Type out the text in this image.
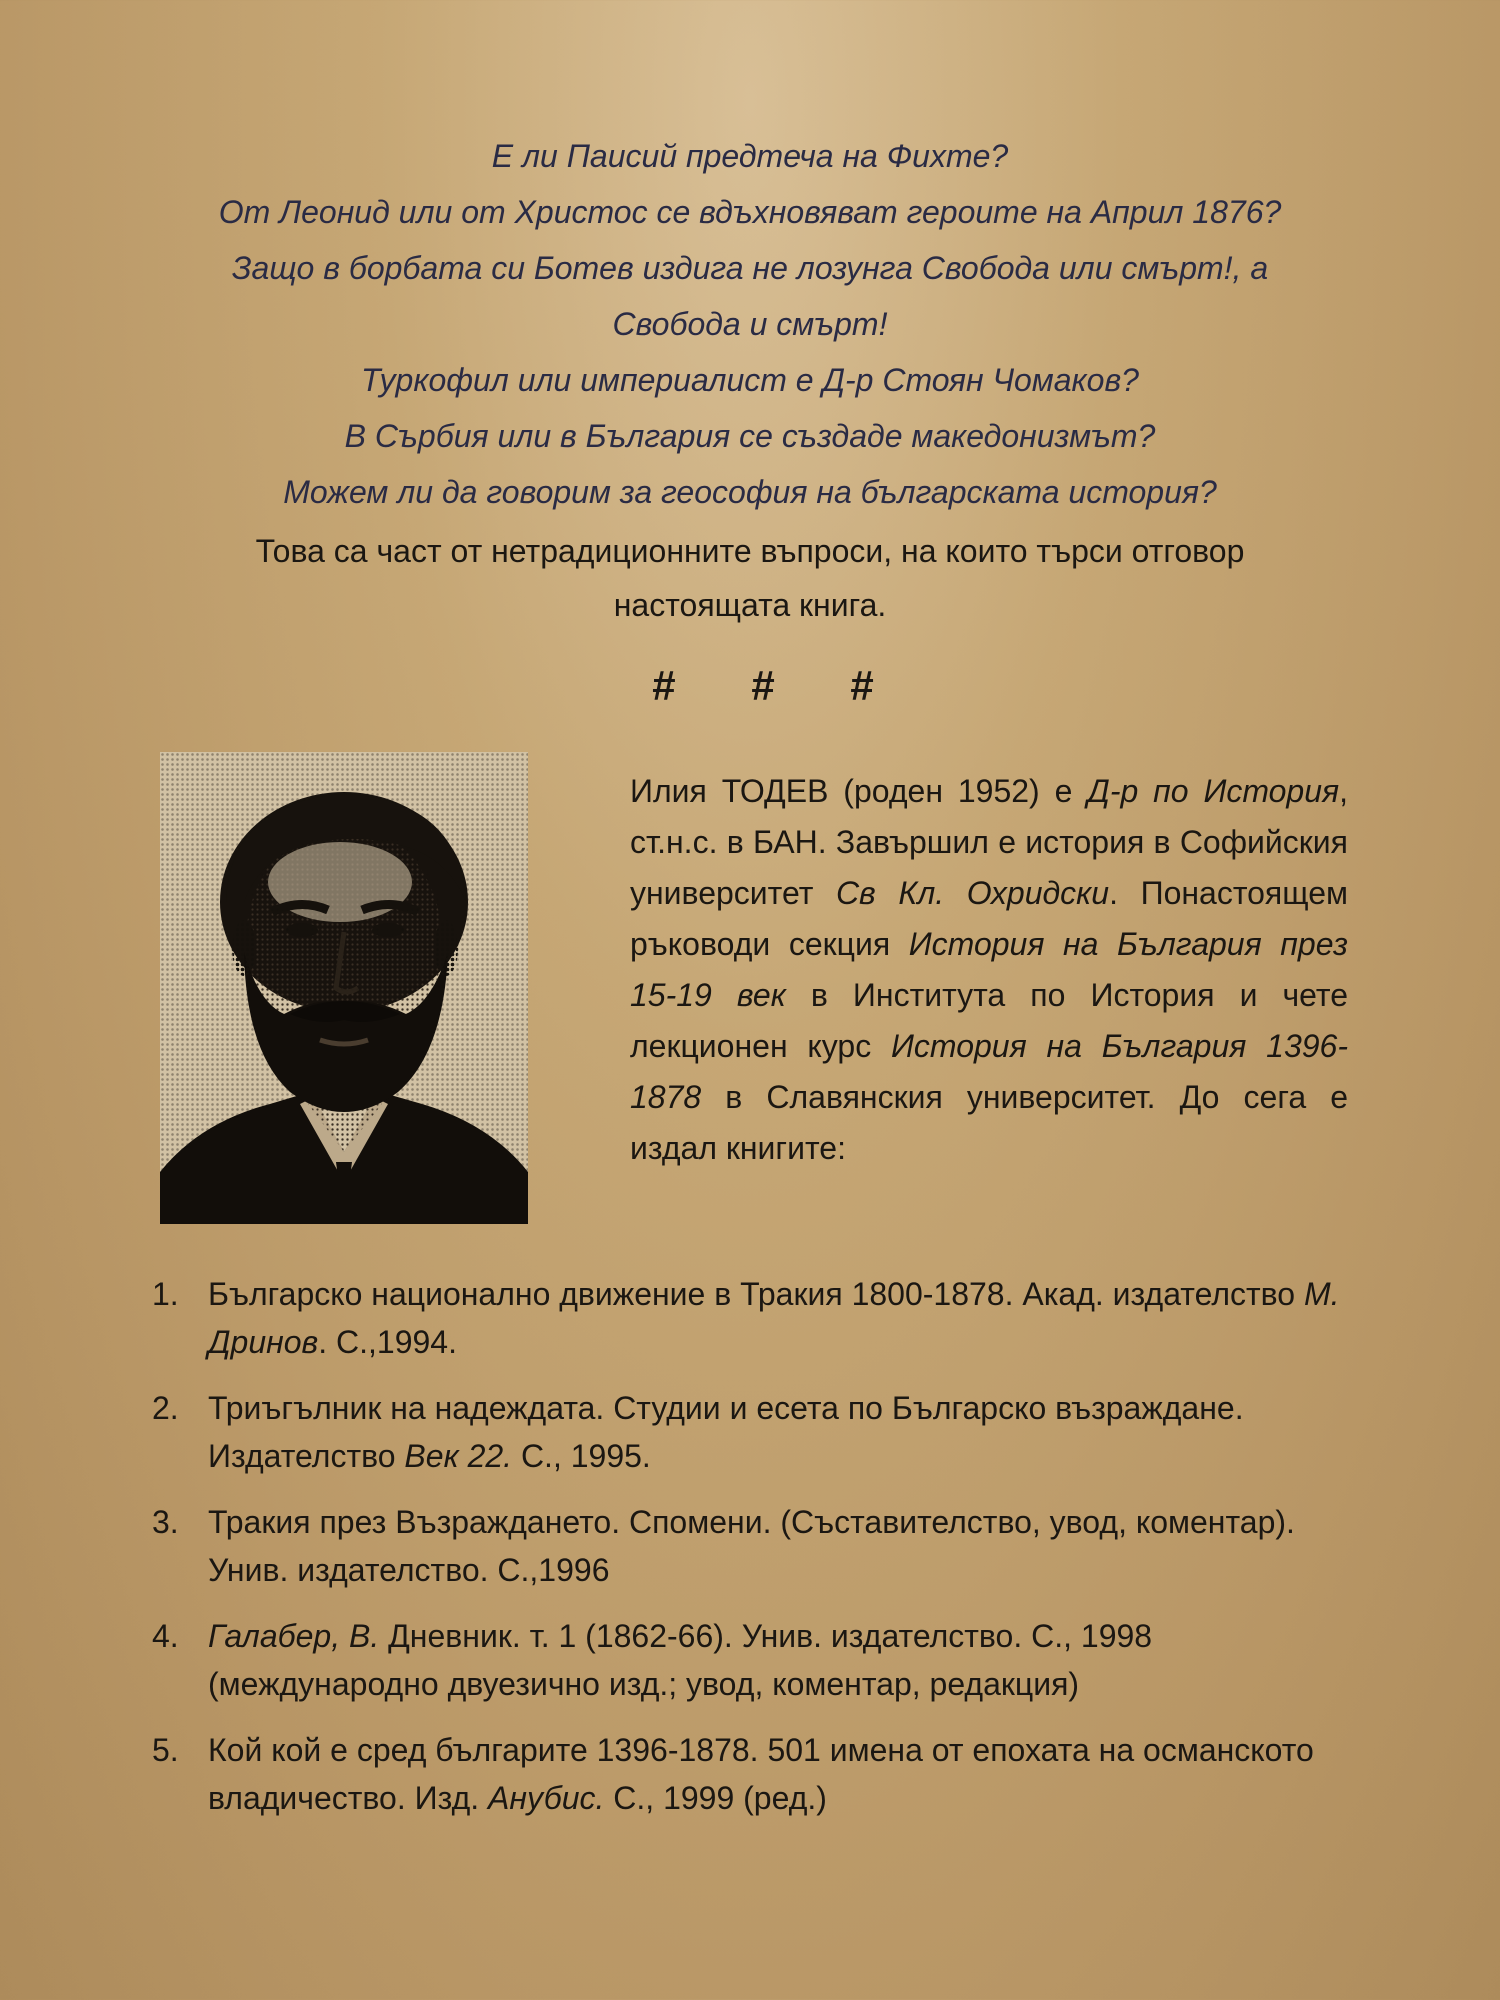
Е ли Паисий предтеча на Фихте?

От Леонид или от Христос се вдъхновяват героите на Април 1876?

Защо в борбата си Ботев издига не лозунга Свобода или смърт!, а

Свобода и смърт!

Туркофил или империалист е Д-р Стоян Чомаков?

В Сърбия или в България се създаде македонизмът?

Можем ли да говорим за геософия на българската история?

Това са част от нетрадиционните въпроси, на които търси отговор
настоящата книга.
# # #
Илия ТОДЕВ (роден 1952) е Д-р по История, ст.н.с. в БАН. Завършил е история в Софийския университет Св Кл. Охридски. Понастоящем ръководи секция История на България през 15-19 век в Института по История и чете лекционен курс История на България 1396-1878 в Славянския университет. До сега е издал книгите:
1. Българско национално движение в Тракия 1800-1878. Акад. издателство М. Дринов. С.,1994.
2. Триъгълник на надеждата. Студии и есета по Българско възраждане. Издателство Век 22. С., 1995.
3. Тракия през Възраждането. Спомени. (Съставителство, увод, коментар). Унив. издателство. С.,1996
4. Галабер, В. Дневник. т. 1 (1862-66). Унив. издателство. С., 1998 (международно двуезично изд.; увод, коментар, редакция)
5. Кой кой е сред българите 1396-1878. 501 имена от епохата на османското владичество. Изд. Анубис. С., 1999 (ред.)
